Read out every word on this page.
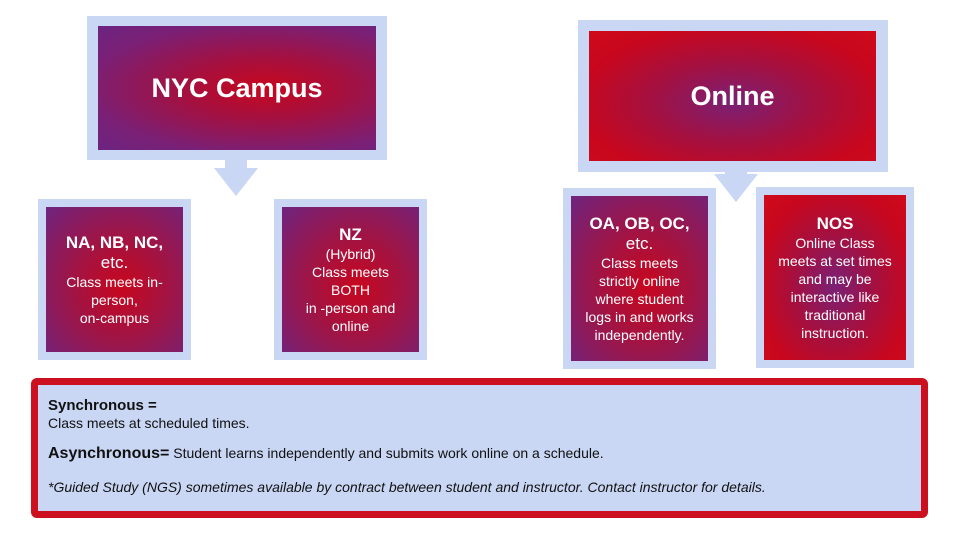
NYC Campus	Online
NA, NB, NC,
etc.
Class meets in-
person,
on-campus
NZ
(Hybrid)
Class meets
BOTH
in -person and
online
OA, OB, OC,
etc.
Class meets
strictly online
where student
logs in and works
independently.
NOS
Online Class
meets at set times
and may be
interactive like
traditional
instruction.
Synchronous =
Class meets at scheduled times.
Asynchronous= Student learns independently and submits work online on a schedule.
*Guided Study (NGS) sometimes available by contract between student and instructor. Contact instructor for details.
